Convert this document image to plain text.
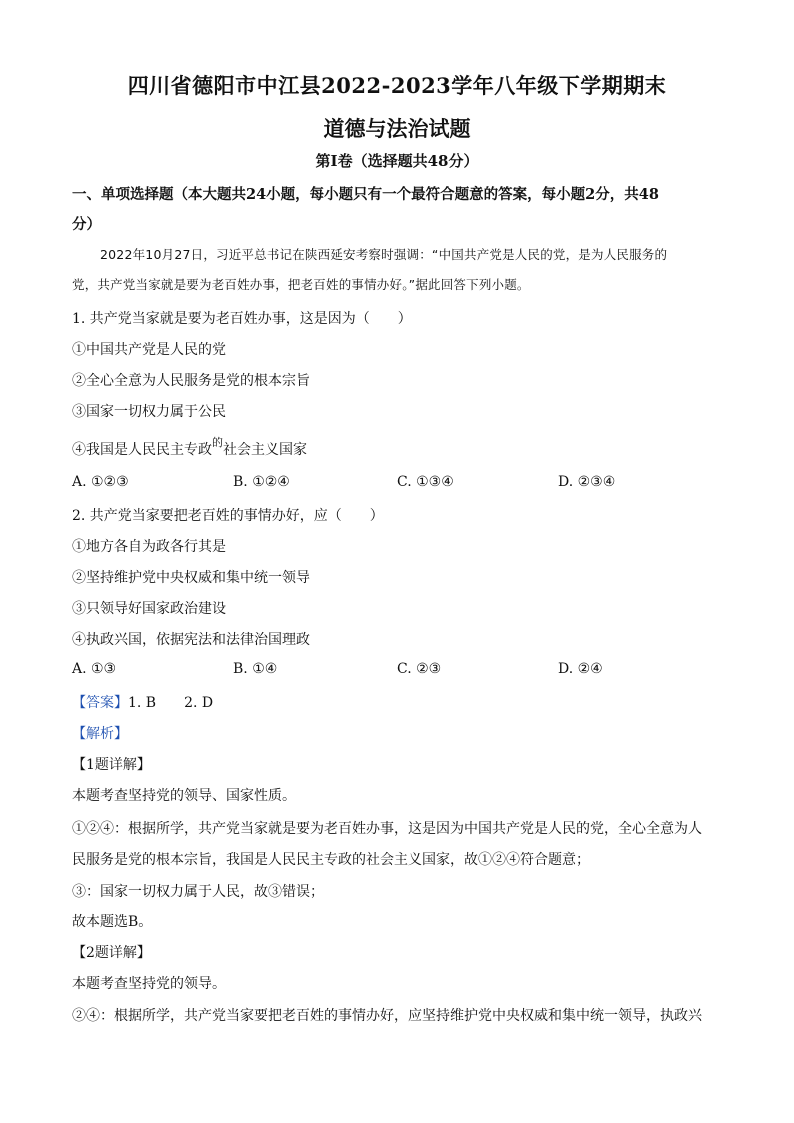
四川省德阳市中江县2022-2023学年八年级下学期期末
道德与法治试题
第Ⅰ卷（选择题共48分）
一、单项选择题（本大题共24小题，每小题只有一个最符合题意的答案，每小题2分，共48
分）
2022年10月27日，习近平总书记在陕西延安考察时强调：“中国共产党是人民的党，是为人民服务的
党，共产党当家就是要为老百姓办事，把老百姓的事情办好。”据此回答下列小题。
1. 共产党当家就是要为老百姓办事，这是因为（　　）
①中国共产党是人民的党
②全心全意为人民服务是党的根本宗旨
③国家一切权力属于公民
④我国是人民民主专政$^的$社会主义国家
A. ①②③	B. ①②④	C. ①③④	D. ②③④
2. 共产党当家要把老百姓的事情办好，应（　　）
①地方各自为政各行其是
②坚持维护党中央权威和集中统一领导
③只领导好国家政治建设
④执政兴国，依据宪法和法律治国理政
A. ①③	B. ①④	C. ②③	D. ②④
【答案】1. B　　2. D
【解析】
【1题详解】
本题考查坚持党的领导、国家性质。
①②④：根据所学，共产党当家就是要为老百姓办事，这是因为中国共产党是人民的党，全心全意为人
民服务是党的根本宗旨，我国是人民民主专政的社会主义国家，故①②④符合题意；
③：国家一切权力属于人民，故③错误；
故本题选B。
【2题详解】
本题考查坚持党的领导。
②④：根据所学，共产党当家要把老百姓的事情办好，应坚持维护党中央权威和集中统一领导，执政兴
